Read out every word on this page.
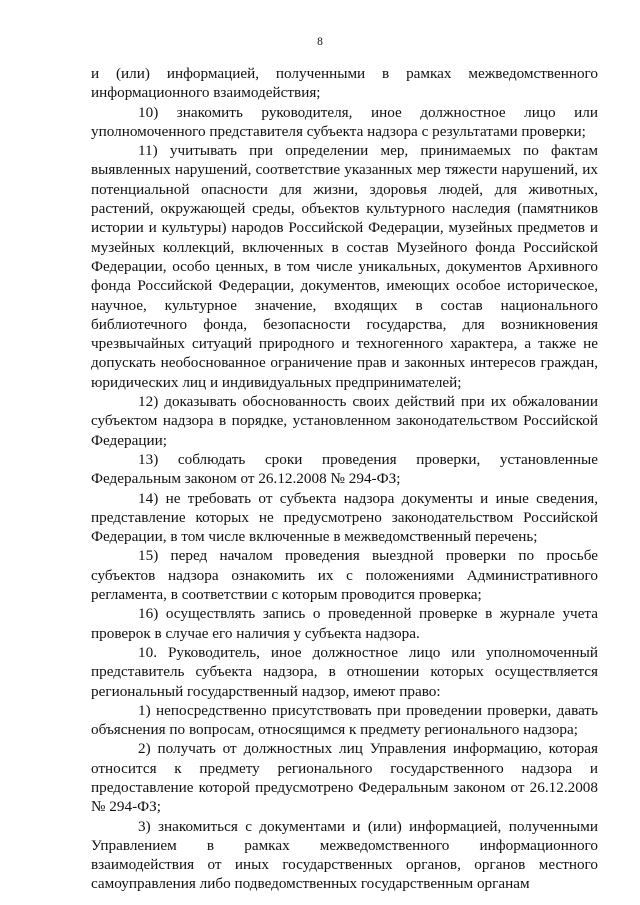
8

и (или) информацией, полученными в рамках межведомственного информационного взаимодействия;

10) знакомить руководителя, иное должностное лицо или уполномоченного представителя субъекта надзора с результатами проверки;

11) учитывать при определении мер, принимаемых по фактам выявленных нарушений, соответствие указанных мер тяжести нарушений, их потенциальной опасности для жизни, здоровья людей, для животных, растений, окружающей среды, объектов культурного наследия (памятников истории и культуры) народов Российской Федерации, музейных предметов и музейных коллекций, включенных в состав Музейного фонда Российской Федерации, особо ценных, в том числе уникальных, документов Архивного фонда Российской Федерации, документов, имеющих особое историческое, научное, культурное значение, входящих в состав национального библиотечного фонда, безопасности государства, для возникновения чрезвычайных ситуаций природного и техногенного характера, а также не допускать необоснованное ограничение прав и законных интересов граждан, юридических лиц и индивидуальных предпринимателей;

12) доказывать обоснованность своих действий при их обжаловании субъектом надзора в порядке, установленном законодательством Российской Федерации;

13) соблюдать сроки проведения проверки, установленные Федеральным законом от 26.12.2008 № 294-ФЗ;

14) не требовать от субъекта надзора документы и иные сведения, представление которых не предусмотрено законодательством Российской Федерации, в том числе включенные в межведомственный перечень;

15) перед началом проведения выездной проверки по просьбе субъектов надзора ознакомить их с положениями Административного регламента, в соответствии с которым проводится проверка;

16) осуществлять запись о проведенной проверке в журнале учета проверок в случае его наличия у субъекта надзора.

10. Руководитель, иное должностное лицо или уполномоченный представитель субъекта надзора, в отношении которых осуществляется региональный государственный надзор, имеют право:

1) непосредственно присутствовать при проведении проверки, давать объяснения по вопросам, относящимся к предмету регионального надзора;

2) получать от должностных лиц Управления информацию, которая относится к предмету регионального государственного надзора и предоставление которой предусмотрено Федеральным законом от 26.12.2008 № 294-ФЗ;

3) знакомиться с документами и (или) информацией, полученными Управлением в рамках межведомственного информационного взаимодействия от иных государственных органов, органов местного самоуправления либо подведомственных государственным органам
